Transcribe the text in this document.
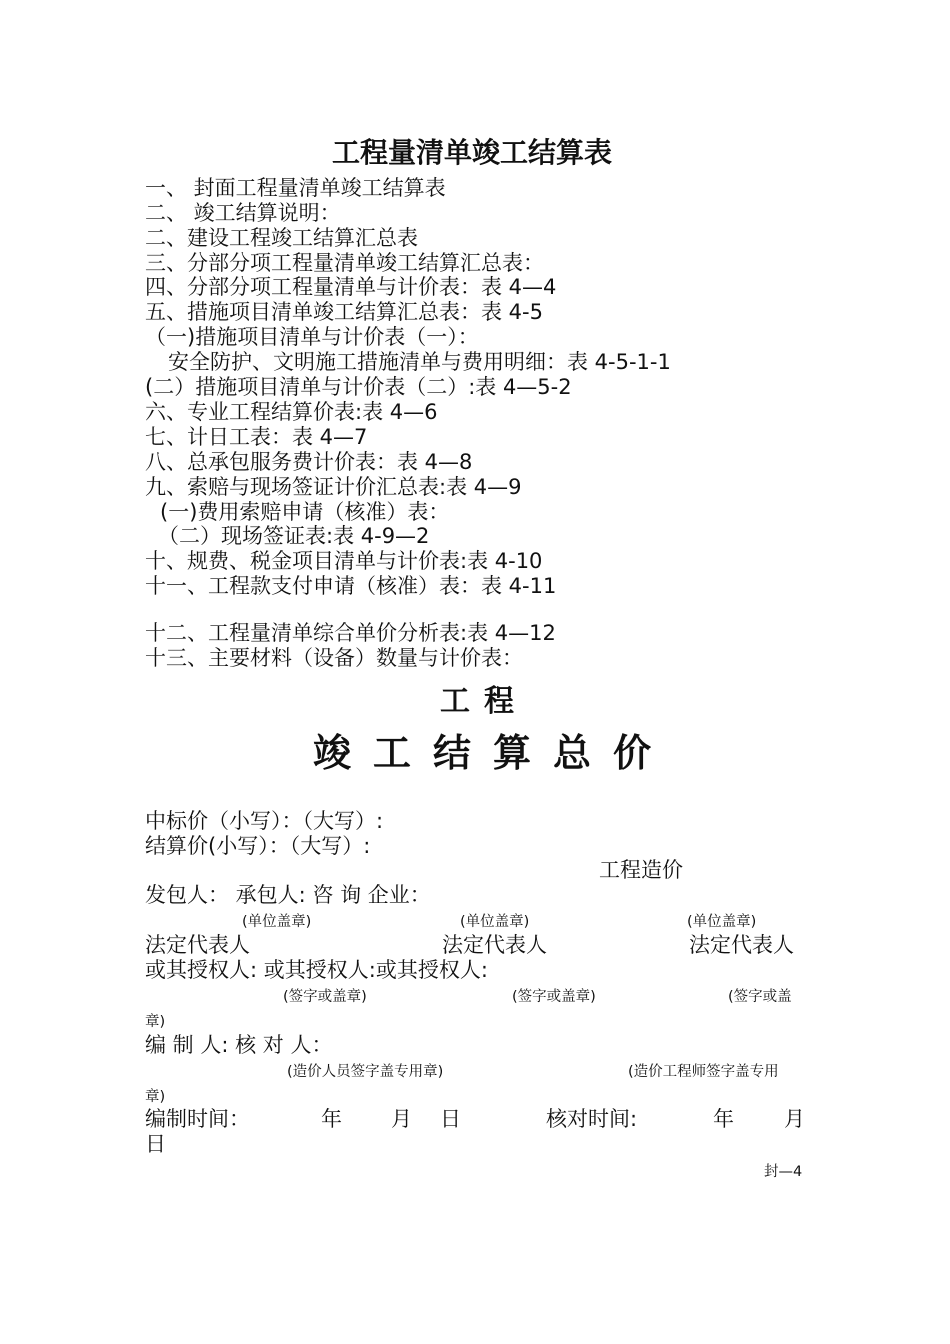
工程量清单竣工结算表
一、 封面工程量清单竣工结算表
二、 竣工结算说明：
二、建设工程竣工结算汇总表
三、分部分项工程量清单竣工结算汇总表：
四、分部分项工程量清单与计价表：表 4—4
五、措施项目清单竣工结算汇总表：表 4-5
（一)措施项目清单与计价表（一）：
安全防护、文明施工措施清单与费用明细：表 4-5-1-1
(二）措施项目清单与计价表（二）:表 4—5-2
六、专业工程结算价表:表 4—6
七、计日工表：表 4—7
八、总承包服务费计价表：表 4—8
九、索赔与现场签证计价汇总表:表 4—9
(一)费用索赔申请（核准）表：
（二）现场签证表:表 4-9—2
十、规费、税金项目清单与计价表:表 4-10
十一、工程款支付申请（核准）表：表 4-11
十二、工程量清单综合单价分析表:表 4—12
十三、主要材料（设备）数量与计价表：
工程
竣工结算总价
中标价（小写）：（大写）:
结算价(小写）：（大写）:
工程造价
发包人： 承包人: 咨 询 企业：
(单位盖章)	(单位盖章)	(单位盖章)
法定代表人	法定代表人	法定代表人
或其授权人: 或其授权人:或其授权人:
(签字或盖章)	(签字或盖章)	(签字或盖
章)
编 制 人: 核 对 人：
(造价人员签字盖专用章)	(造价工程师签字盖专用
章)
编制时间：	年 月 日	核对时间:	年 月
日
封—4
